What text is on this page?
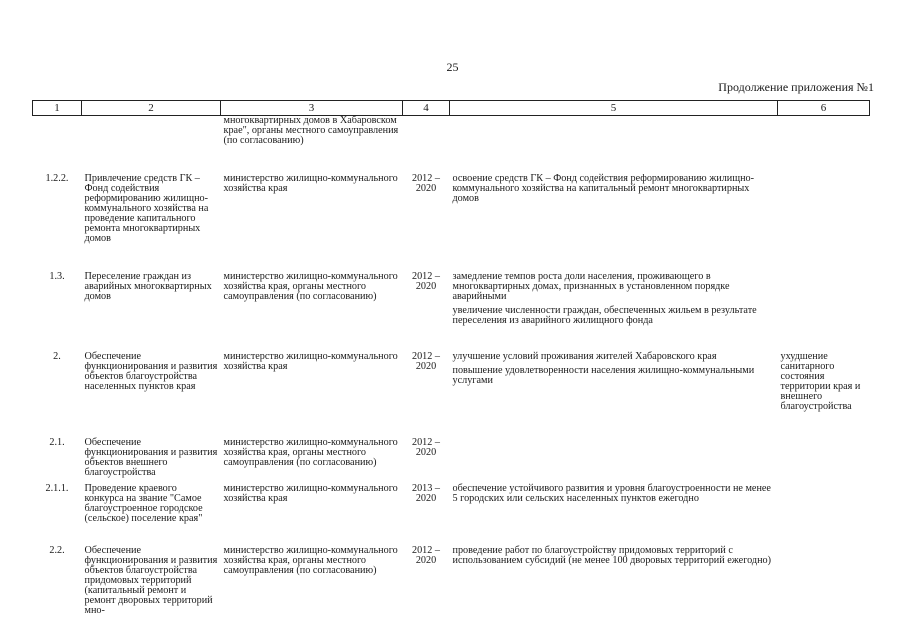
25
Продолжение приложения №1
1	2	3	4	5	6
		многоквартирных домов в Хабаровском крае", органы местного самоуправления (по согласованию)			
1.2.2.	Привлечение средств ГК – Фонд содействия реформированию жилищно-коммунального хозяйства на проведение капитального ремонта многоквартирных домов	министерство жилищно-коммунального хозяйства края	2012 – 2020	освоение средств ГК – Фонд содействия реформированию жилищно-коммунального хозяйства на капитальный ремонт многоквартирных домов	

1.3.	Переселение граждан из аварийных многоквартирных домов	министерство жилищно-коммунального хозяйства края, органы местного самоуправления (по согласованию)	2012 – 2020	замедление темпов роста доли населения, проживающего в многоквартирных домах, признанных в установленном порядке аварийными
увеличение численности граждан, обеспеченных жильем в результате переселения из аварийного жилищного фонда	

2.	Обеспечение функционирования и развития объектов благоустройства населенных пунктов края	министерство жилищно-коммунального хозяйства края	2012 – 2020	улучшение условий проживания жителей Хабаровского края
повышение удовлетворенности населения жилищно-коммунальными услугами	ухудшение санитарного состояния территории края и внешнего благоустройства
2.1.	Обеспечение функционирования и развития объектов внешнего благоустройства	министерство жилищно-коммунального хозяйства края, органы местного самоуправления (по согласованию)	2012 – 2020		
2.1.1.	Проведение краевого конкурса на звание "Самое благоустроенное городское (сельское) поселение края"	министерство жилищно-коммунального хозяйства края	2013 – 2020	обеспечение устойчивого развития и уровня благоустроенности не менее 5 городских или сельских населенных пунктов ежегодно	

2.2.	Обеспечение функционирования и развития объектов благоустройства придомовых территорий (капитальный ремонт и ремонт дворовых территорий мно-	министерство жилищно-коммунального хозяйства края, органы местного самоуправления (по согласованию)	2012 – 2020	проведение работ по благоустройству придомовых территорий с использованием субсидий (не менее 100 дворовых территорий ежегодно)	
